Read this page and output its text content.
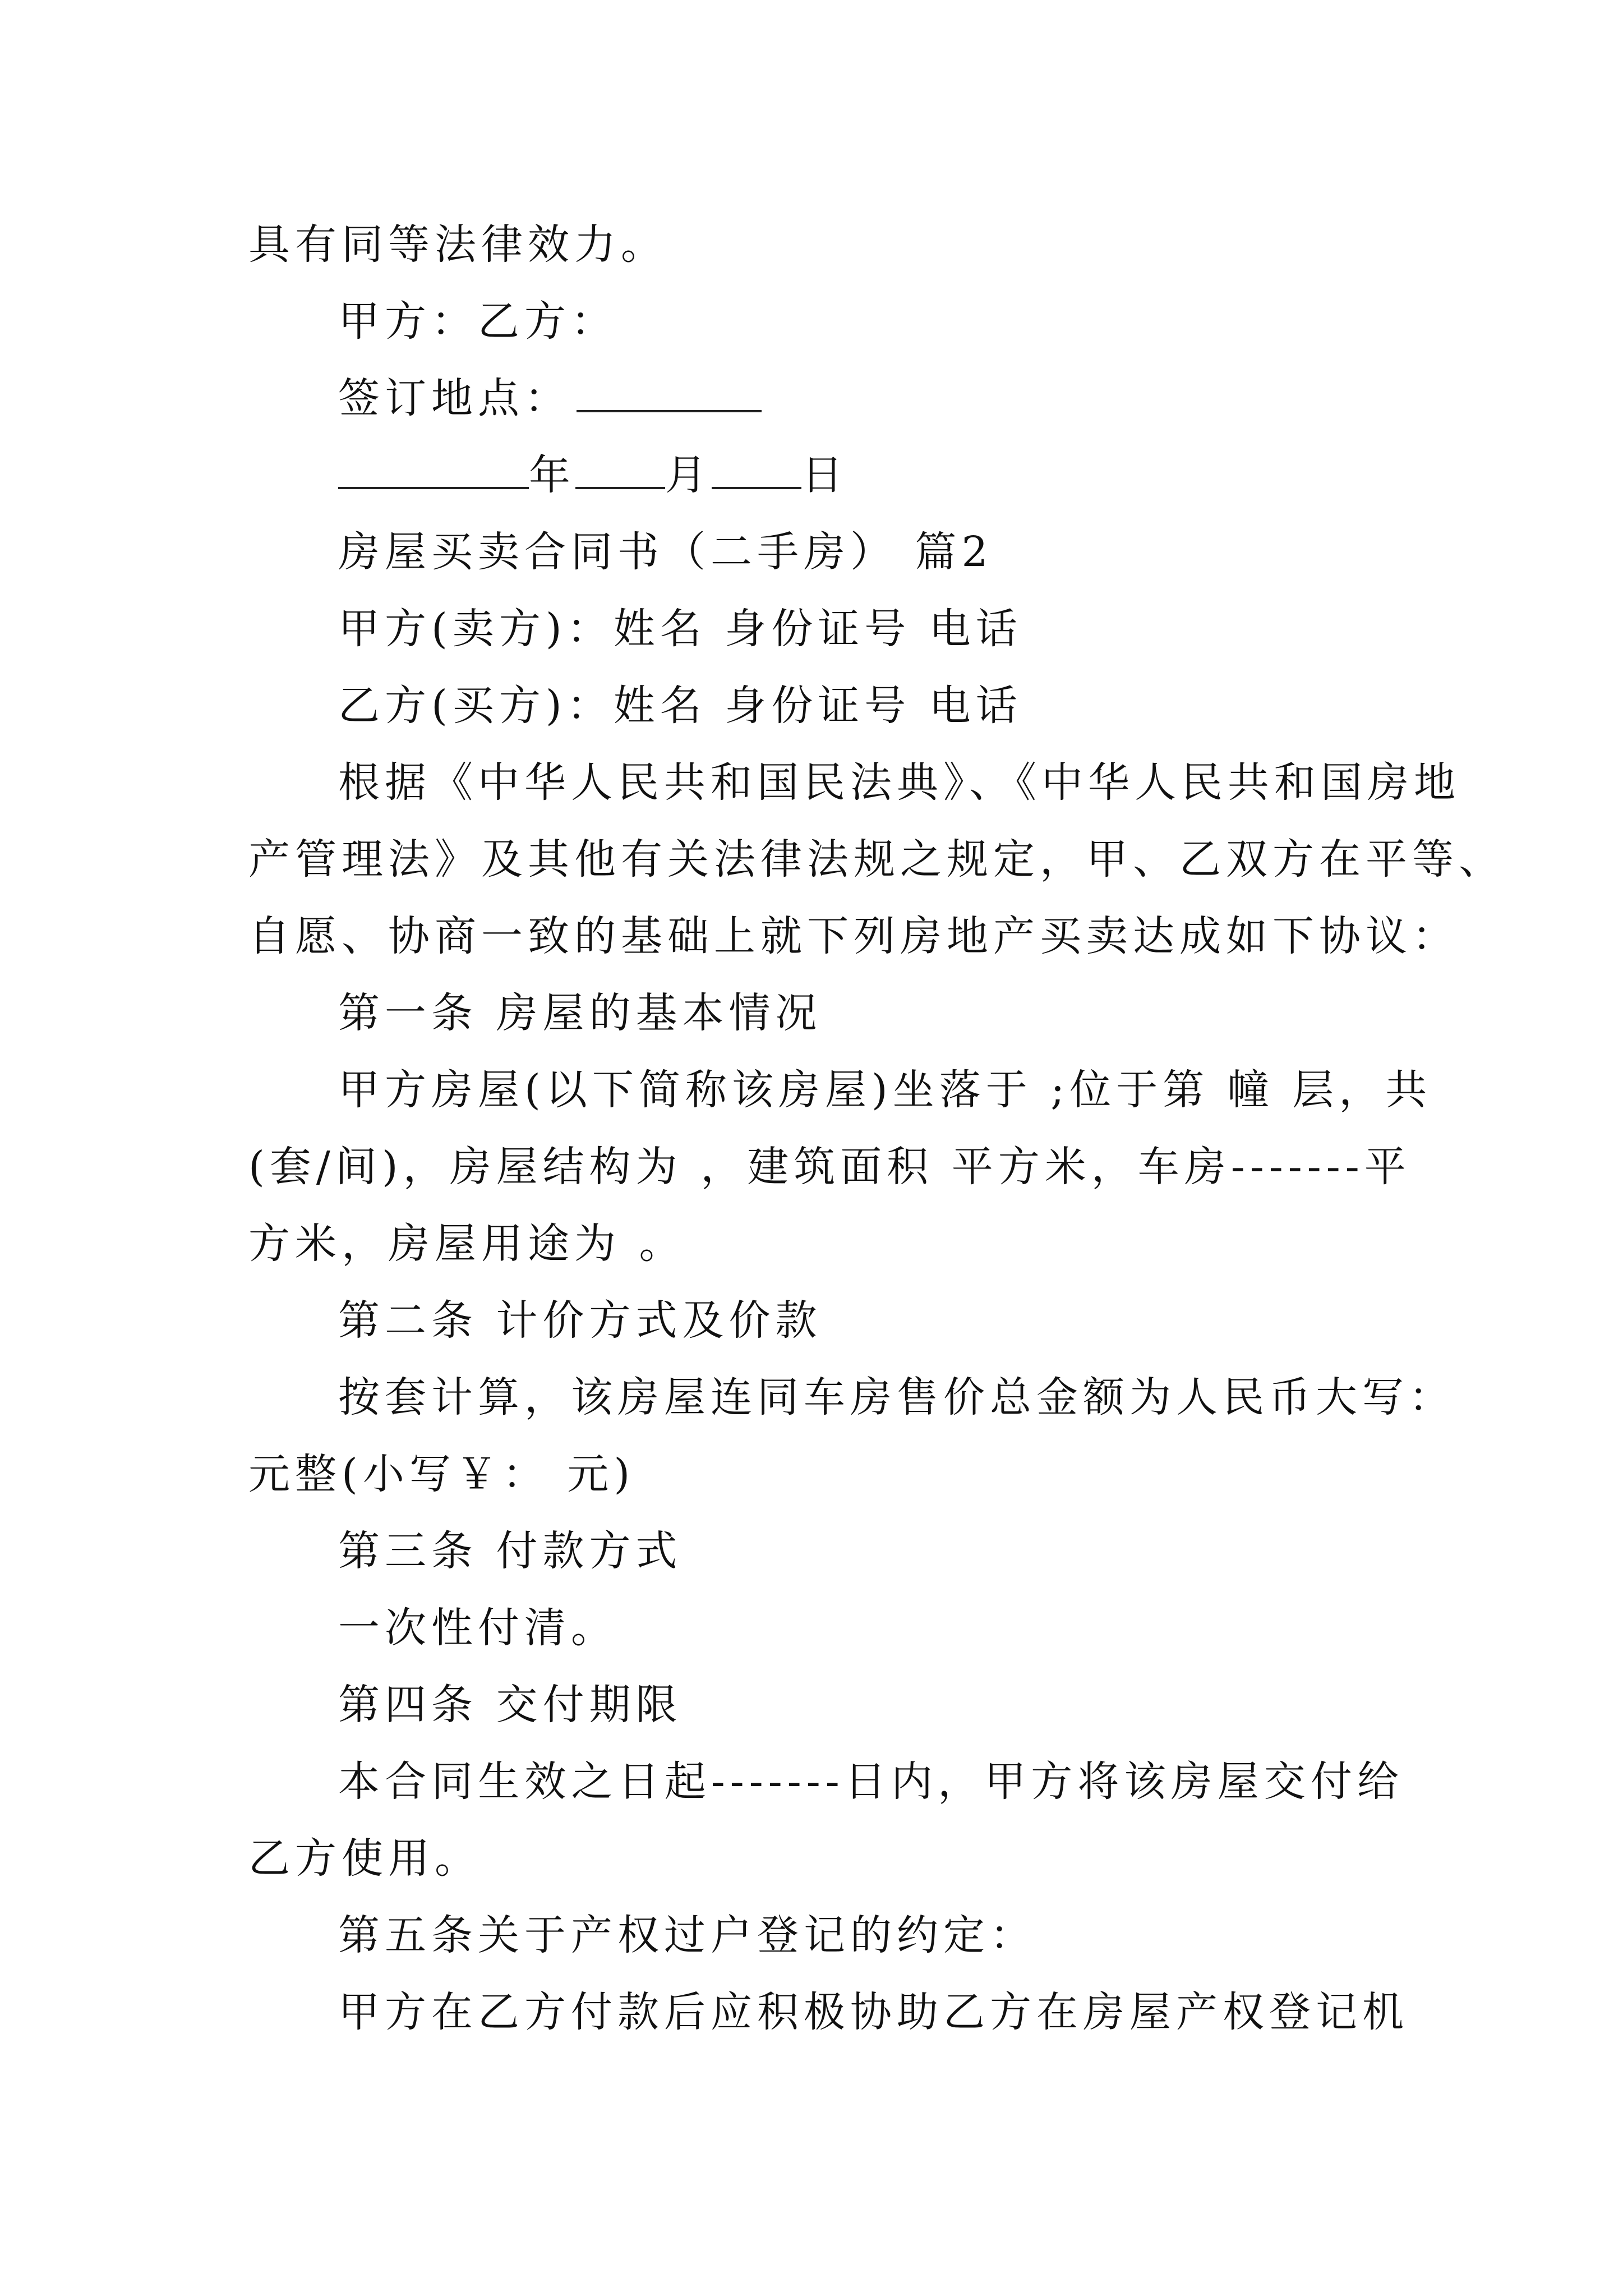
具有同等法律效力。
甲方：乙方：
签订地点：
年 月 日
房屋买卖合同书（二手房） 篇2
甲方(卖方)：姓名 身份证号 电话
乙方(买方)：姓名 身份证号 电话
根据《中华人民共和国民法典》、《中华人民共和国房地
产管理法》及其他有关法律法规之规定，甲、乙双方在平等、
自愿、协商一致的基础上就下列房地产买卖达成如下协议：
第一条 房屋的基本情况
甲方房屋(以下简称该房屋)坐落于 ;位于第 幢 层，共
(套/间)，房屋结构为 ，建筑面积 平方米，车房-------平
方米，房屋用途为 。
第二条 计价方式及价款
按套计算，该房屋连同车房售价总金额为人民币大写：
元整(小写￥： 元)
第三条 付款方式
一次性付清。
第四条 交付期限
本合同生效之日起-------日内，甲方将该房屋交付给
乙方使用。
第五条关于产权过户登记的约定：
甲方在乙方付款后应积极协助乙方在房屋产权登记机
